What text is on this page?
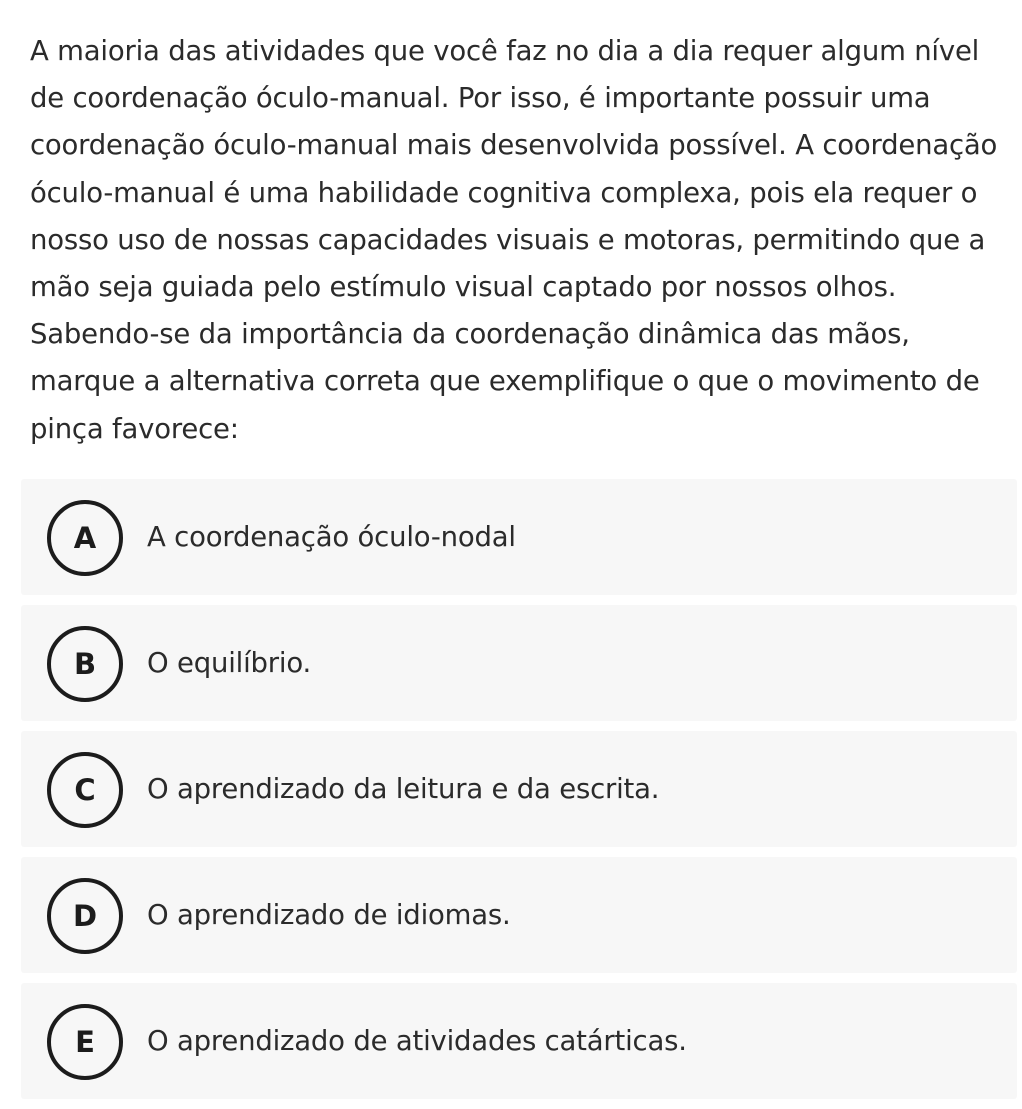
A maioria das atividades que você faz no dia a dia requer algum nível
de coordenação óculo-manual. Por isso, é importante possuir uma
coordenação óculo-manual mais desenvolvida possível. A coordenação
óculo-manual é uma habilidade cognitiva complexa, pois ela requer o
nosso uso de nossas capacidades visuais e motoras, permitindo que a
mão seja guiada pelo estímulo visual captado por nossos olhos.
Sabendo-se da importância da coordenação dinâmica das mãos,
marque a alternativa correta que exemplifique o que o movimento de
pinça favorece:
A	A coordenação óculo-nodal
B	O equilíbrio.
C	O aprendizado da leitura e da escrita.
D	O aprendizado de idiomas.
E	O aprendizado de atividades catárticas.
